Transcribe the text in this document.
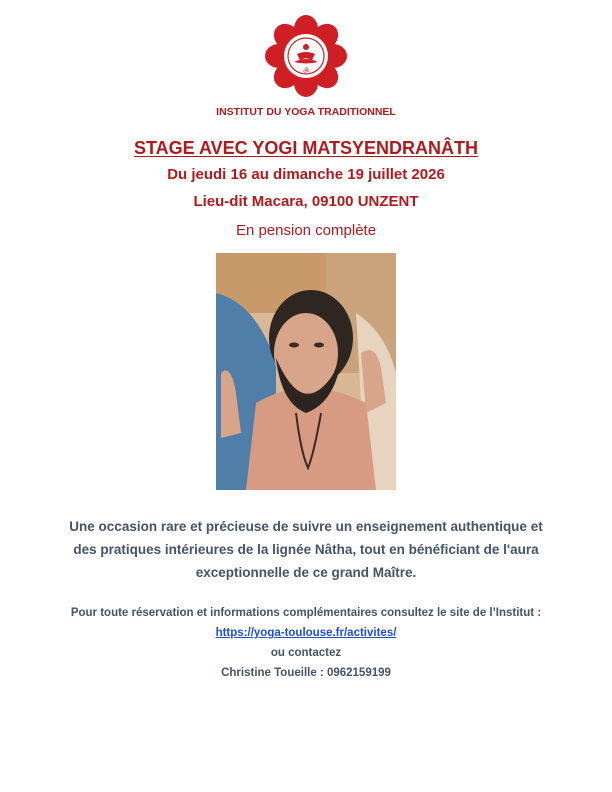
ॐ
INSTITUT DU YOGA TRADITIONNEL
STAGE AVEC YOGI MATSYENDRANÂTH
Du jeudi 16 au dimanche 19 juillet 2026
Lieu-dit Macara, 09100 UNZENT
En pension complète
Une occasion rare et précieuse de suivre un enseignement authentique et
des pratiques intérieures de la lignée Nâtha, tout en bénéficiant de l'aura
exceptionnelle de ce grand Maître.
Pour toute réservation et informations complémentaires consultez le site de l’Institut :
https://yoga-toulouse.fr/activites/
ou contactez
Christine Toueille : 0962159199
